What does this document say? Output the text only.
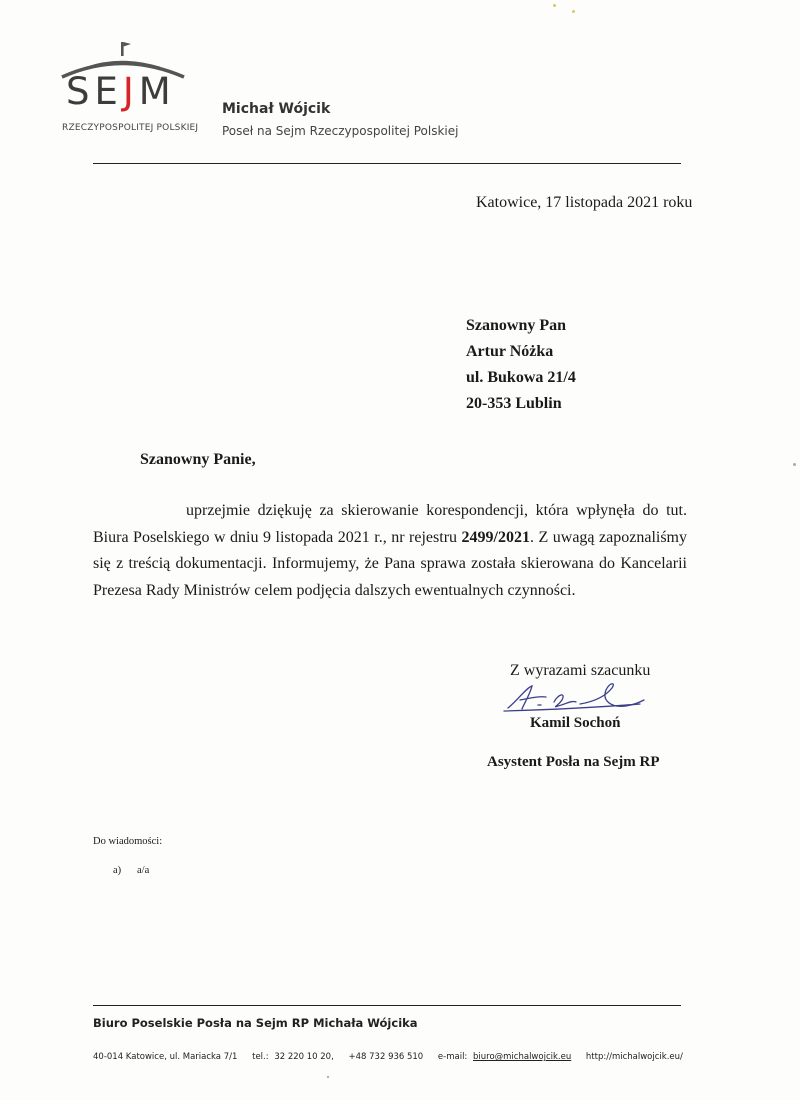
SEJM
RZECZYPOSPOLITEJ POLSKIEJ
Michał Wójcik
Poseł na Sejm Rzeczypospolitej Polskiej
Katowice, 17 listopada 2021 roku
Szanowny Pan
Artur Nóżka
ul. Bukowa 21/4
20-353 Lublin
Szanowny Panie,
uprzejmie dziękuję za skierowanie korespondencji, która wpłynęła do tut. Biura Poselskiego w dniu 9 listopada 2021 r., nr rejestru 2499/2021. Z uwagą zapoznaliśmy się z treścią dokumentacji. Informujemy, że Pana sprawa została skierowana do Kancelarii Prezesa Rady Ministrów celem podjęcia dalszych ewentualnych czynności.
Z wyrazami szacunku
Kamil Sochoń
Asystent Posła na Sejm RP
Do wiadomości:
a) a/a
Biuro Poselskie Posła na Sejm RP Michała Wójcika
40-014 Katowice, ul. Mariacka 7/1 tel.: 32 220 10 20, +48 732 936 510 e-mail: biuro@michalwojcik.eu http://michalwojcik.eu/
